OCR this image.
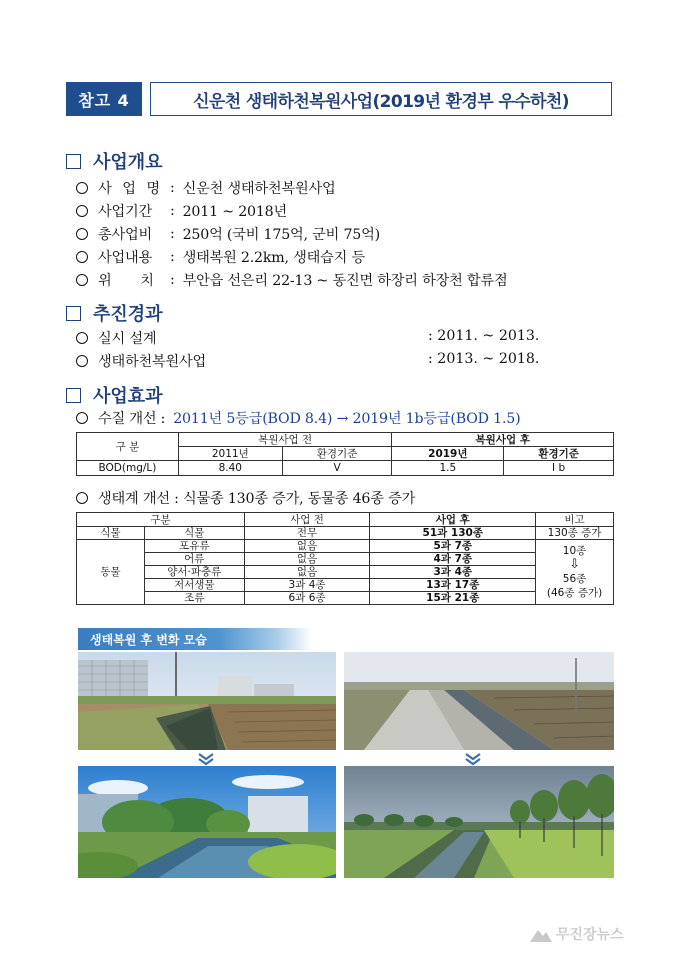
참고 4	신운천 생태하천복원사업(2019년 환경부 우수하천)
사업개요
사 업 명 : 신운천 생태하천복원사업
사업기간	: 2011 ~ 2018년
총사업비	: 250억 (국비 175억, 군비 75억)
사업내용	: 생태복원 2.2km, 생태습지 등
위 치 : 부안읍 선은리 22-13 ~ 동진면 하장리 하장천 합류점
추진경과
실시 설계	: 2011. ~ 2013.
생태하천복원사업	: 2013. ~ 2018.
사업효과
수질 개선 : 2011년 5등급(BOD 8.4) → 2019년 1b등급(BOD 1.5)
구 분	복원사업 전		복원사업 후	
	2011년	환경기준	2019년	환경기준
BOD(mg/L)	8.40	V	1.5	I b
생태계 개선 : 식물종 130종 증가, 동물종 46종 증가
구분		사업 전	사업 후	비고
식물	식물	전무	51과 130종	130종 증가
동물	포유류	없음	5과 7종	10종
⇩
56종
(46종 증가)

	어류	없음	4과 7종	
	양서·파충류	없음	3과 4종	
	저서생물	3과 4종	13과 17종	
	조류	6과 6종	15과 21종	
생태복원 후 변화 모습
무진장뉴스
